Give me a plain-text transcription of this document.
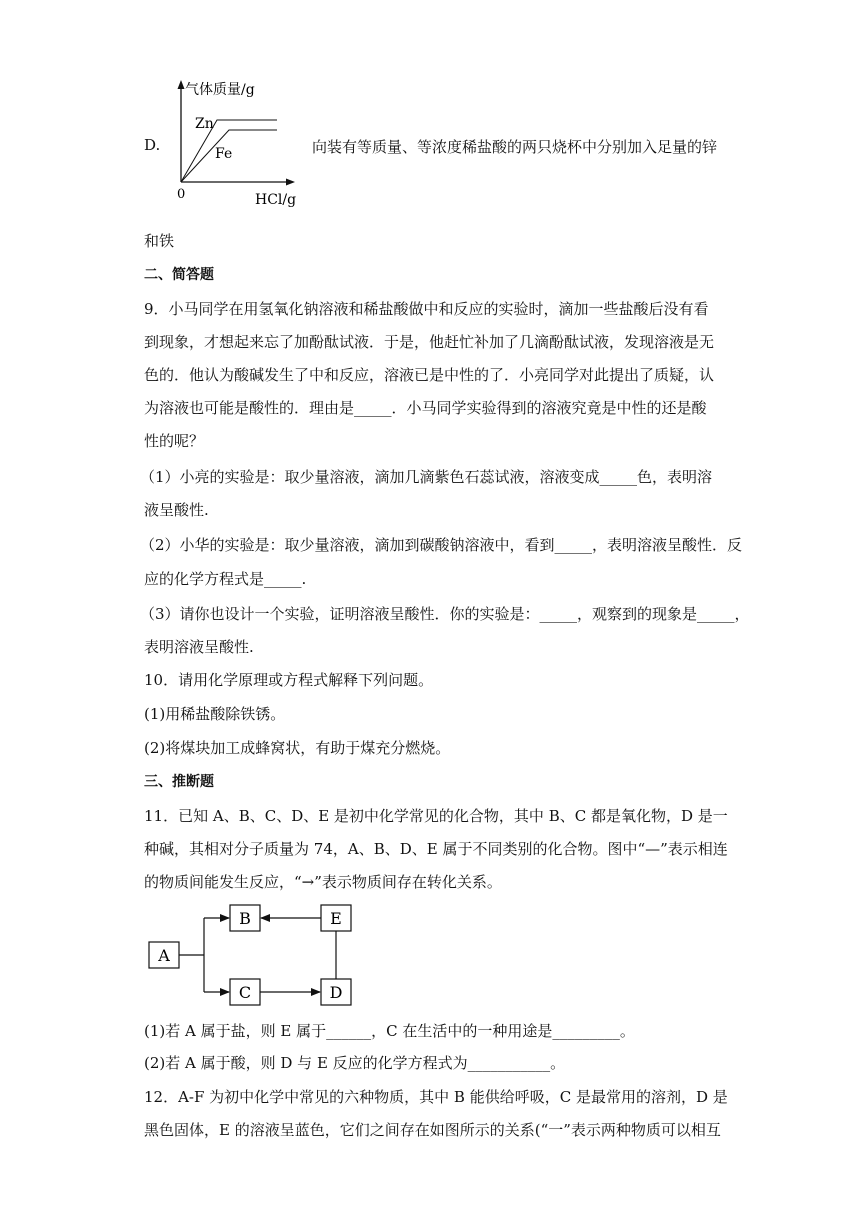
D.
气体质量/g
Zn
Fe
0	HCl/g
向装有等质量、等浓度稀盐酸的两只烧杯中分别加入足量的锌
和铁
二、简答题
9．小马同学在用氢氧化钠溶液和稀盐酸做中和反应的实验时，滴加一些盐酸后没有看
到现象，才想起来忘了加酚酞试液．于是，他赶忙补加了几滴酚酞试液，发现溶液是无
色的．他认为酸碱发生了中和反应，溶液已是中性的了．小亮同学对此提出了质疑，认
为溶液也可能是酸性的．理由是_____．小马同学实验得到的溶液究竟是中性的还是酸
性的呢？
（1）小亮的实验是：取少量溶液，滴加几滴紫色石蕊试液，溶液变成_____色，表明溶
液呈酸性.
（2）小华的实验是：取少量溶液，滴加到碳酸钠溶液中，看到_____，表明溶液呈酸性．反
应的化学方程式是_____.
（3）请你也设计一个实验，证明溶液呈酸性．你的实验是：_____，观察到的现象是_____，
表明溶液呈酸性.
10．请用化学原理或方程式解释下列问题。
(1)用稀盐酸除铁锈。
(2)将煤块加工成蜂窝状，有助于煤充分燃烧。
三、推断题
11．已知 A、B、C、D、E 是初中化学常见的化合物，其中 B、C 都是氧化物，D 是一
种碱，其相对分子质量为 74，A、B、D、E 属于不同类别的化合物。图中“—”表示相连
的物质间能发生反应，“→”表示物质间存在转化关系。
A
B	E
C	D
(1)若 A 属于盐，则 E 属于______，C 在生活中的一种用途是_________。
(2)若 A 属于酸，则 D 与 E 反应的化学方程式为___________。
12．A-F 为初中化学中常见的六种物质，其中 B 能供给呼吸，C 是最常用的溶剂，D 是
黑色固体，E 的溶液呈蓝色，它们之间存在如图所示的关系(“一”表示两种物质可以相互
